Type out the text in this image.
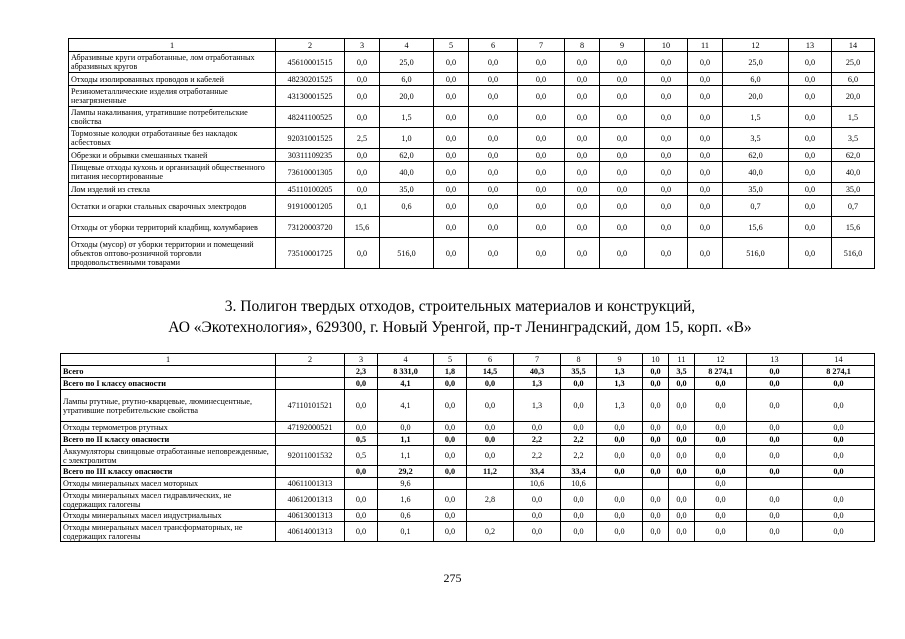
1	2	3	4	5	6	7	8	9	10	11	12	13	14
Абразивные круги отработанные, лом отработанных абразивных кругов	45610001515	0,0	25,0	0,0	0,0	0,0	0,0	0,0	0,0	0,0	25,0	0,0	25,0
Отходы изолированных проводов и кабелей	48230201525	0,0	6,0	0,0	0,0	0,0	0,0	0,0	0,0	0,0	6,0	0,0	6,0
Резинометаллические изделия отработанные незагрязненные	43130001525	0,0	20,0	0,0	0,0	0,0	0,0	0,0	0,0	0,0	20,0	0,0	20,0
Лампы накаливания, утратившие потребительские свойства	48241100525	0,0	1,5	0,0	0,0	0,0	0,0	0,0	0,0	0,0	1,5	0,0	1,5
Тормозные колодки отработанные без накладок асбестовых	92031001525	2,5	1,0	0,0	0,0	0,0	0,0	0,0	0,0	0,0	3,5	0,0	3,5
Обрезки и обрывки смешанных тканей	30311109235	0,0	62,0	0,0	0,0	0,0	0,0	0,0	0,0	0,0	62,0	0,0	62,0
Пищевые отходы кухонь и организаций общественного питания несортированные	73610001305	0,0	40,0	0,0	0,0	0,0	0,0	0,0	0,0	0,0	40,0	0,0	40,0
Лом изделий из стекла	45110100205	0,0	35,0	0,0	0,0	0,0	0,0	0,0	0,0	0,0	35,0	0,0	35,0
Остатки и огарки стальных сварочных электродов	91910001205	0,1	0,6	0,0	0,0	0,0	0,0	0,0	0,0	0,0	0,7	0,0	0,7
Отходы от уборки территорий кладбищ, колумбариев	73120003720	15,6		0,0	0,0	0,0	0,0	0,0	0,0	0,0	15,6	0,0	15,6
Отходы (мусор) от уборки территории и помещений объектов оптово-розничной торговли продовольственными товарами	73510001725	0,0	516,0	0,0	0,0	0,0	0,0	0,0	0,0	0,0	516,0	0,0	516,0
3. Полигон твердых отходов, строительных материалов и конструкций,
АО «Экотехнология», 629300, г. Новый Уренгой, пр-т Ленинградский, дом 15, корп. «В»
1	2	3	4	5	6	7	8	9	10	11	12	13	14
Всего		2,3	8 331,0	1,8	14,5	40,3	35,5	1,3	0,0	3,5	8 274,1	0,0	8 274,1
Всего по I классу опасности		0,0	4,1	0,0	0,0	1,3	0,0	1,3	0,0	0,0	0,0	0,0	0,0
Лампы ртутные, ртутно-кварцевые, люминесцентные, утратившие потребительские свойства	47110101521	0,0	4,1	0,0	0,0	1,3	0,0	1,3	0,0	0,0	0,0	0,0	0,0
Отходы термометров ртутных	47192000521	0,0	0,0	0,0	0,0	0,0	0,0	0,0	0,0	0,0	0,0	0,0	0,0
Всего по II классу опасности		0,5	1,1	0,0	0,0	2,2	2,2	0,0	0,0	0,0	0,0	0,0	0,0
Аккумуляторы свинцовые отработанные неповрежденные, с электролитом	92011001532	0,5	1,1	0,0	0,0	2,2	2,2	0,0	0,0	0,0	0,0	0,0	0,0
Всего по III классу опасности		0,0	29,2	0,0	11,2	33,4	33,4	0,0	0,0	0,0	0,0	0,0	0,0
Отходы минеральных масел моторных	40611001313		9,6			10,6	10,6				0,0		
Отходы минеральных масел гидравлических, не содержащих галогены	40612001313	0,0	1,6	0,0	2,8	0,0	0,0	0,0	0,0	0,0	0,0	0,0	0,0
Отходы минеральных масел индустриальных	40613001313	0,0	0,6	0,0		0,0	0,0	0,0	0,0	0,0	0,0	0,0	0,0
Отходы минеральных масел трансформаторных, не содержащих галогены	40614001313	0,0	0,1	0,0	0,2	0,0	0,0	0,0	0,0	0,0	0,0	0,0	0,0
275
